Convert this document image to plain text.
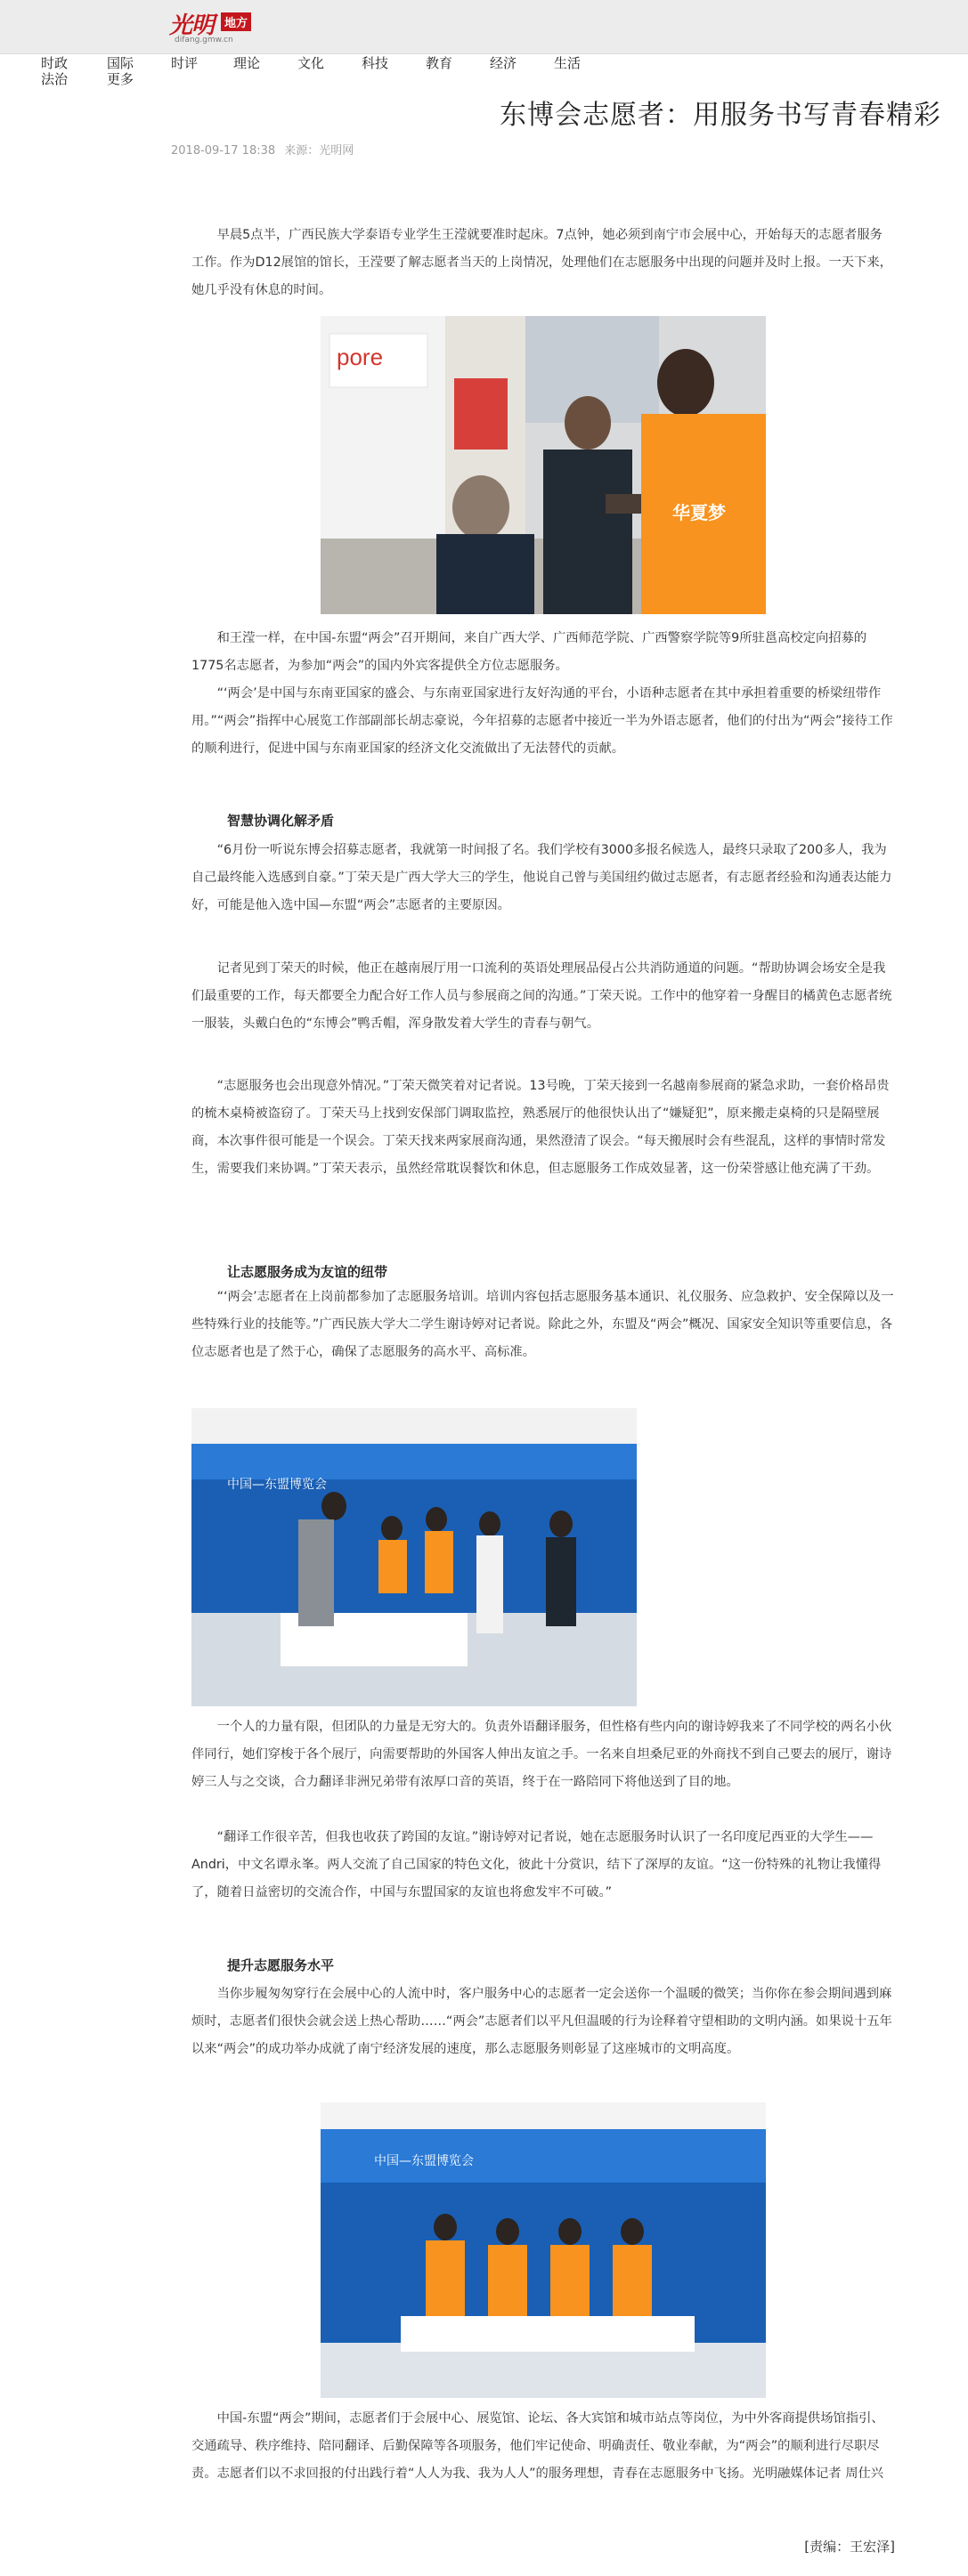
光明 地方
difang.gmw.cn
时政	国际	时评	理论	文化	科技	教育	经济	生活
法治	更多
东博会志愿者：用服务书写青春精彩
2018-09-17 18:38 来源：光明网

早晨5点半，广西民族大学泰语专业学生王滢就要准时起床。7点钟，她必须到南宁市会展中心，开始每天的志愿者服务工作。作为D12展馆的馆长，王滢要了解志愿者当天的上岗情况，处理他们在志愿服务中出现的问题并及时上报。一天下来，她几乎没有休息的时间。

pore
华夏梦

和王滢一样，在中国-东盟“两会”召开期间，来自广西大学、广西师范学院、广西警察学院等9所驻邕高校定向招募的1775名志愿者，为参加“两会”的国内外宾客提供全方位志愿服务。

“‘两会’是中国与东南亚国家的盛会、与东南亚国家进行友好沟通的平台，小语种志愿者在其中承担着重要的桥梁纽带作用。”“两会”指挥中心展览工作部副部长胡志豪说，今年招募的志愿者中接近一半为外语志愿者，他们的付出为“两会”接待工作的顺利进行，促进中国与东南亚国家的经济文化交流做出了无法替代的贡献。

智慧协调化解矛盾

“6月份一听说东博会招募志愿者，我就第一时间报了名。我们学校有3000多报名候选人，最终只录取了200多人，我为自己最终能入选感到自豪。”丁荣天是广西大学大三的学生，他说自己曾与美国纽约做过志愿者，有志愿者经验和沟通表达能力好，可能是他入选中国—东盟“两会”志愿者的主要原因。

记者见到丁荣天的时候，他正在越南展厅用一口流利的英语处理展品侵占公共消防通道的问题。“帮助协调会场安全是我们最重要的工作，每天都要全力配合好工作人员与参展商之间的沟通。”丁荣天说。工作中的他穿着一身醒目的橘黄色志愿者统一服装，头戴白色的“东博会”鸭舌帽，浑身散发着大学生的青春与朝气。

“志愿服务也会出现意外情况。”丁荣天微笑着对记者说。13号晚，丁荣天接到一名越南参展商的紧急求助，一套价格昂贵的梳木桌椅被盗窃了。丁荣天马上找到安保部门调取监控，熟悉展厅的他很快认出了“嫌疑犯”，原来搬走桌椅的只是隔壁展商，本次事件很可能是一个误会。丁荣天找来两家展商沟通，果然澄清了误会。“每天搬展时会有些混乱，这样的事情时常发生，需要我们来协调。”丁荣天表示，虽然经常耽误餐饮和休息，但志愿服务工作成效显著，这一份荣誉感让他充满了干劲。

让志愿服务成为友谊的纽带

“‘两会’志愿者在上岗前都参加了志愿服务培训。培训内容包括志愿服务基本通识、礼仪服务、应急救护、安全保障以及一些特殊行业的技能等。”广西民族大学大二学生谢诗婷对记者说。除此之外，东盟及“两会”概况、国家安全知识等重要信息，各位志愿者也是了然于心，确保了志愿服务的高水平、高标准。

中国—东盟博览会

一个人的力量有限，但团队的力量是无穷大的。负责外语翻译服务，但性格有些内向的谢诗婷我来了不同学校的两名小伙伴同行，她们穿梭于各个展厅，向需要帮助的外国客人伸出友谊之手。一名来自坦桑尼亚的外商找不到自己要去的展厅，谢诗婷三人与之交谈，合力翻译非洲兄弟带有浓厚口音的英语，终于在一路陪同下将他送到了目的地。

“翻译工作很辛苦，但我也收获了跨国的友谊。”谢诗婷对记者说，她在志愿服务时认识了一名印度尼西亚的大学生——Andri，中文名谭永峯。两人交流了自己国家的特色文化，彼此十分赏识，结下了深厚的友谊。“这一份特殊的礼物让我懂得了，随着日益密切的交流合作，中国与东盟国家的友谊也将愈发牢不可破。”

提升志愿服务水平

当你步履匆匆穿行在会展中心的人流中时，客户服务中心的志愿者一定会送你一个温暖的微笑；当你你在参会期间遇到麻烦时，志愿者们很快会就会送上热心帮助……“两会”志愿者们以平凡但温暖的行为诠释着守望相助的文明内涵。如果说十五年以来“两会”的成功举办成就了南宁经济发展的速度，那么志愿服务则彰显了这座城市的文明高度。

中国—东盟博览会

中国-东盟“两会”期间，志愿者们于会展中心、展览馆、论坛、各大宾馆和城市站点等岗位，为中外客商提供场馆指引、交通疏导、秩序维持、陪同翻译、后勤保障等各项服务，他们牢记使命、明确责任、敬业奉献，为“两会”的顺利进行尽职尽责。志愿者们以不求回报的付出践行着“人人为我、我为人人”的服务理想，青春在志愿服务中飞扬。光明融媒体记者 周仕兴

[责编：王宏泽]
